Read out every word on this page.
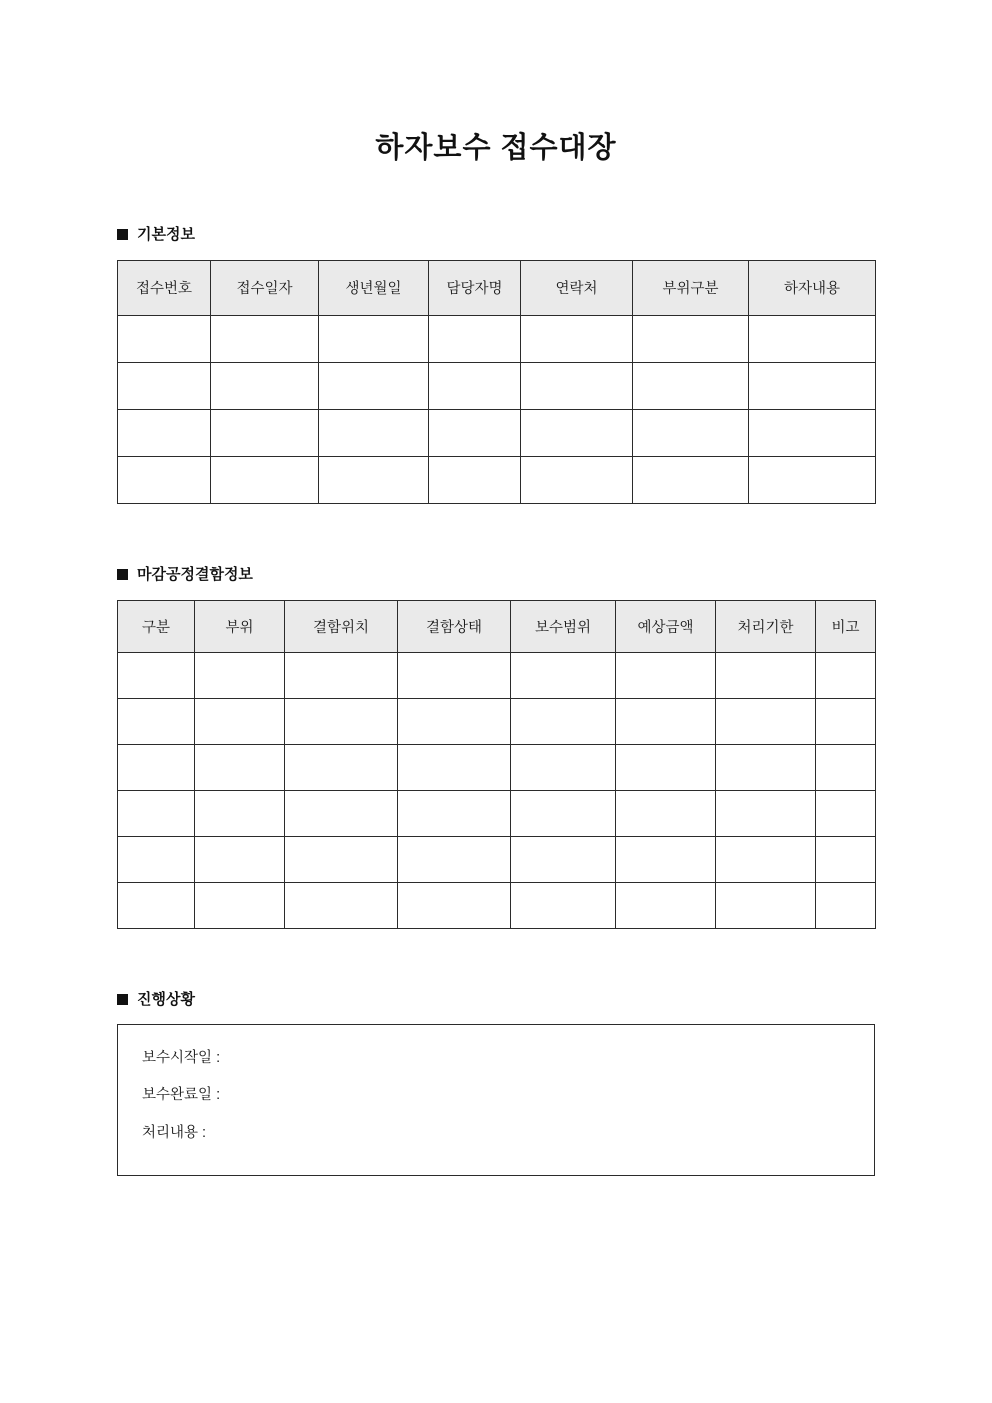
하자보수 접수대장
기본정보
접수번호	접수일자	생년월일	담당자명	연락처	부위구분	하자내용

마감공정결함정보
구분	부위	결함위치	결함상태	보수범위	예상금액	처리기한	비고

진행상황
보수시작일 :
보수완료일 :
처리내용 :
